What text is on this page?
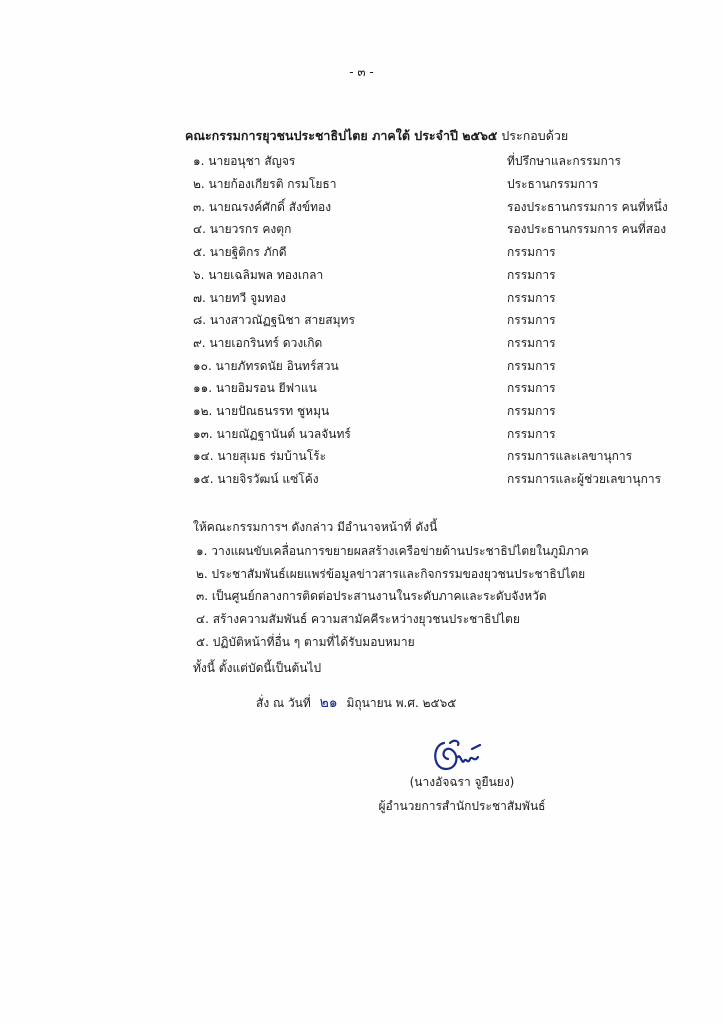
- ๓ -
คณะกรรมการยุวชนประชาธิปไตย ภาคใต้ ประจำปี ๒๕๖๕ ประกอบด้วย
๑. นายอนุชา สัญจร	ที่ปรึกษาและกรรมการ
๒. นายก้องเกียรติ กรมโยธา	ประธานกรรมการ
๓. นายณรงค์ศักดิ์ สังข์ทอง	รองประธานกรรมการ คนที่หนึ่ง
๔. นายวรกร คงตุก	รองประธานกรรมการ คนที่สอง
๕. นายฐิติกร ภักดี	กรรมการ
๖. นายเฉลิมพล ทองเกลา	กรรมการ
๗. นายทวี จูมทอง	กรรมการ
๘. นางสาวณัฏฐนิชา สายสมุทร	กรรมการ
๙. นายเอกรินทร์ ดวงเกิด	กรรมการ
๑๐. นายภัทรดนัย อินทร์สวน	กรรมการ
๑๑. นายอิมรอน ยีฟาแน	กรรมการ
๑๒. นายปัณธนรรท ชูหมุน	กรรมการ
๑๓. นายณัฏฐานันต์ นวลจันทร์	กรรมการ
๑๔. นายสุเมธ ร่มบ้านโร้ะ	กรรมการและเลขานุการ
๑๕. นายจิรวัฒน์ แซ่โค้ง	กรรมการและผู้ช่วยเลขานุการ
ให้คณะกรรมการฯ ดังกล่าว มีอำนาจหน้าที่ ดังนี้
๑. วางแผนขับเคลื่อนการขยายผลสร้างเครือข่ายด้านประชาธิปไตยในภูมิภาค
๒. ประชาสัมพันธ์เผยแพร่ข้อมูลข่าวสารและกิจกรรมของยุวชนประชาธิปไตย
๓. เป็นศูนย์กลางการติดต่อประสานงานในระดับภาคและระดับจังหวัด
๔. สร้างความสัมพันธ์ ความสามัคคีระหว่างยุวชนประชาธิปไตย
๕. ปฏิบัติหน้าที่อื่น ๆ ตามที่ได้รับมอบหมาย
ทั้งนี้ ตั้งแต่บัดนี้เป็นต้นไป
สั่ง ณ วันที่ ๒๑ มิถุนายน พ.ศ. ๒๕๖๕
(นางอัจฉรา จูยืนยง)
ผู้อำนวยการสำนักประชาสัมพันธ์
